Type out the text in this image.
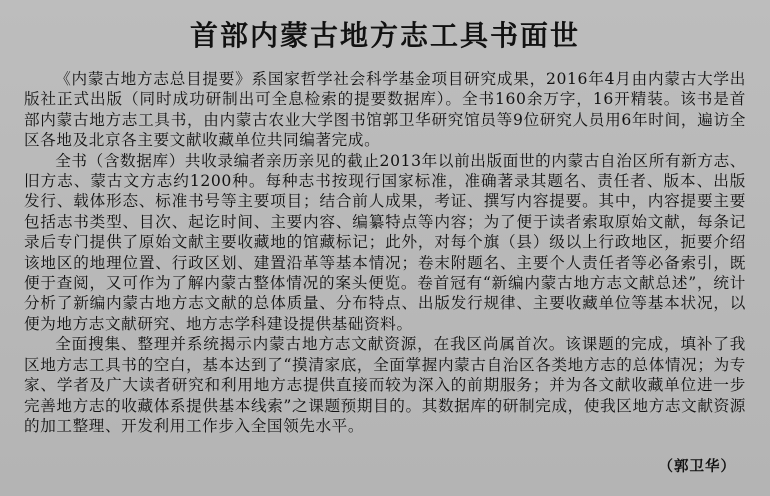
首部内蒙古地方志工具书面世

《内蒙古地方志总目提要》系国家哲学社会科学基金项目研究成果，2016年4月由内蒙古大学出版社正式出版（同时成功研制出可全息检索的提要数据库）。全书160余万字，16开精装。该书是首部内蒙古地方志工具书，由内蒙古农业大学图书馆郭卫华研究馆员等9位研究人员用6年时间，遍访全区各地及北京各主要文献收藏单位共同编著完成。

全书（含数据库）共收录编者亲历亲见的截止2013年以前出版面世的内蒙古自治区所有新方志、旧方志、蒙古文方志约1200种。每种志书按现行国家标准，准确著录其题名、责任者、版本、出版发行、载体形态、标准书号等主要项目；结合前人成果，考证、撰写内容提要。其中，内容提要主要包括志书类型、目次、起讫时间、主要内容、编纂特点等内容；为了便于读者索取原始文献，每条记录后专门提供了原始文献主要收藏地的馆藏标记；此外，对每个旗（县）级以上行政地区，扼要介绍该地区的地理位置、行政区划、建置沿革等基本情况；卷末附题名、主要个人责任者等必备索引，既便于查阅，又可作为了解内蒙古整体情况的案头便览。卷首冠有“新编内蒙古地方志文献总述”，统计分析了新编内蒙古地方志文献的总体质量、分布特点、出版发行规律、主要收藏单位等基本状况，以便为地方志文献研究、地方志学科建设提供基础资料。

全面搜集、整理并系统揭示内蒙古地方志文献资源，在我区尚属首次。该课题的完成，填补了我区地方志工具书的空白，基本达到了“摸清家底，全面掌握内蒙古自治区各类地方志的总体情况；为专家、学者及广大读者研究和利用地方志提供直接而较为深入的前期服务；并为各文献收藏单位进一步完善地方志的收藏体系提供基本线索”之课题预期目的。其数据库的研制完成，使我区地方志文献资源的加工整理、开发利用工作步入全国领先水平。

（郭卫华）
